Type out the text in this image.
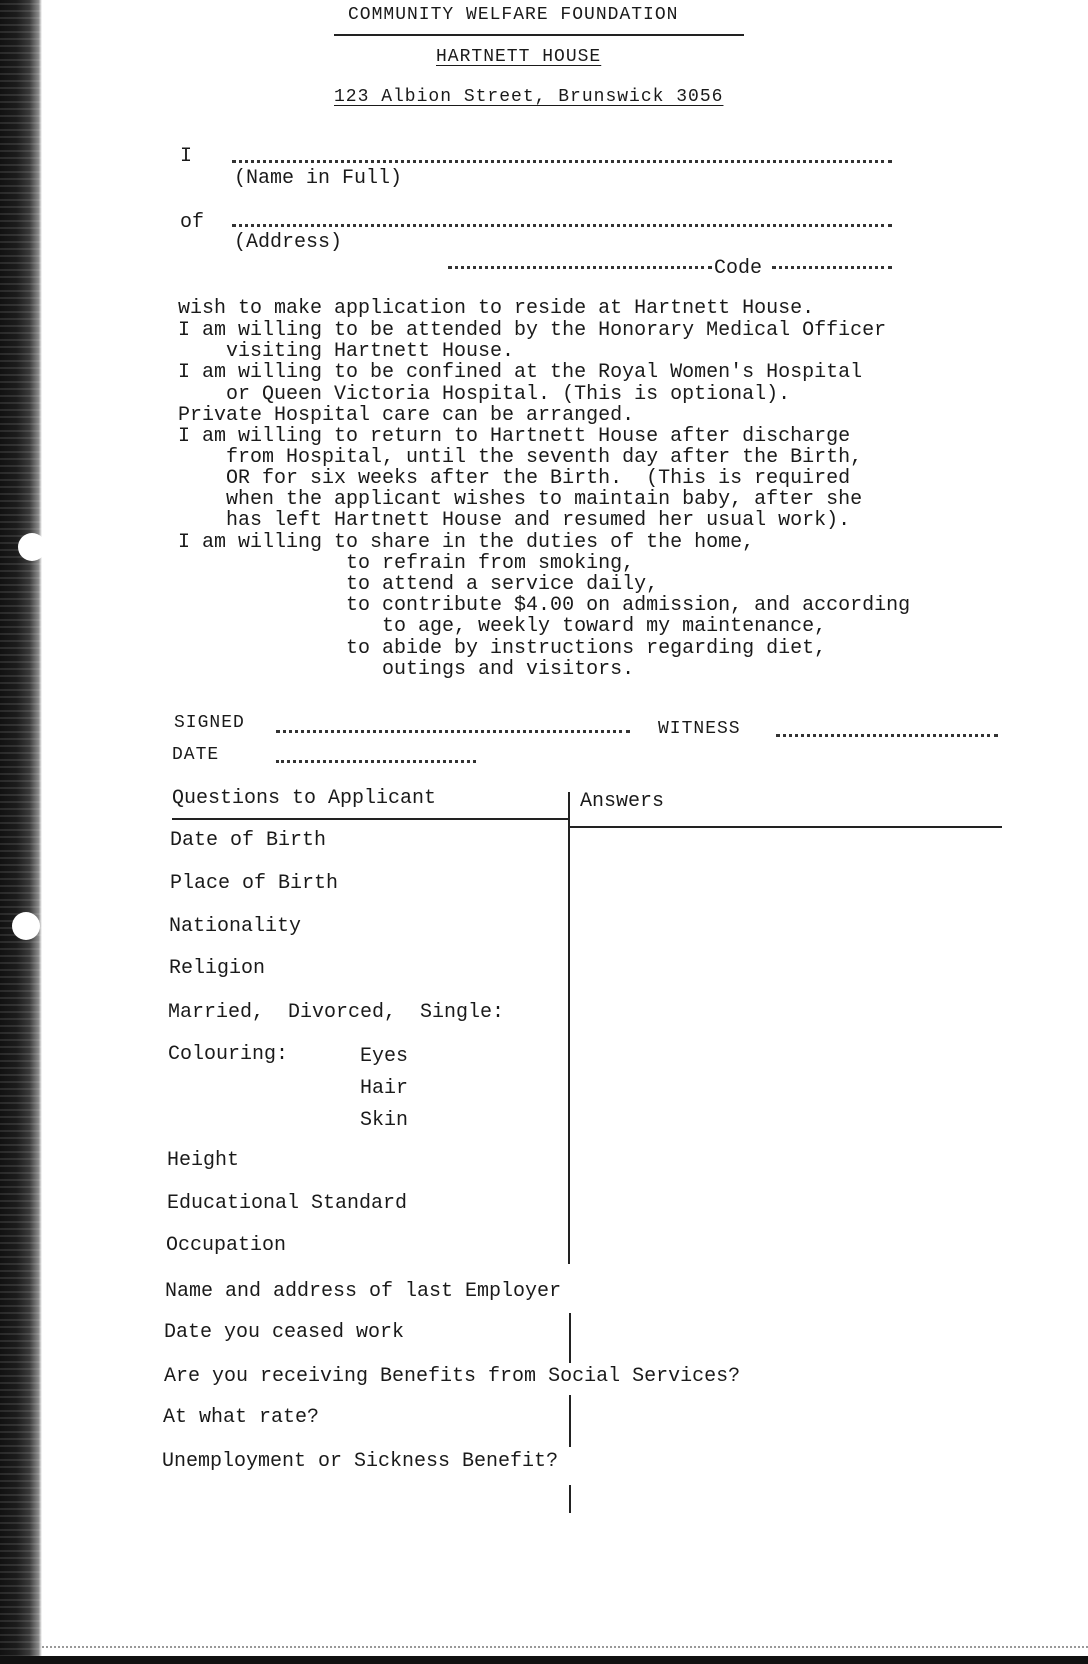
COMMUNITY WELFARE FOUNDATION
HARTNETT HOUSE
123 Albion Street, Brunswick 3056
I
(Name in Full)
of
(Address)
Code
wish to make application to reside at Hartnett House.
I am willing to be attended by the Honorary Medical Officer
visiting Hartnett House.
I am willing to be confined at the Royal Women's Hospital
or Queen Victoria Hospital. (This is optional).
Private Hospital care can be arranged.
I am willing to return to Hartnett House after discharge
from Hospital, until the seventh day after the Birth,
OR for six weeks after the Birth.  (This is required
when the applicant wishes to maintain baby, after she
has left Hartnett House and resumed her usual work).
I am willing to share in the duties of the home,
to refrain from smoking,
to attend a service daily,
to contribute $4.00 on admission, and according
to age, weekly toward my maintenance,
to abide by instructions regarding diet,
outings and visitors.
SIGNED	WITNESS
DATE
Questions to Applicant	Answers
Date of Birth
Place of Birth
Nationality
Religion
Married,  Divorced,  Single:
Colouring:	Eyes
Hair
Skin
Height
Educational Standard
Occupation
Name and address of last Employer
Date you ceased work
Are you receiving Benefits from Social Services?
At what rate?
Unemployment or Sickness Benefit?
